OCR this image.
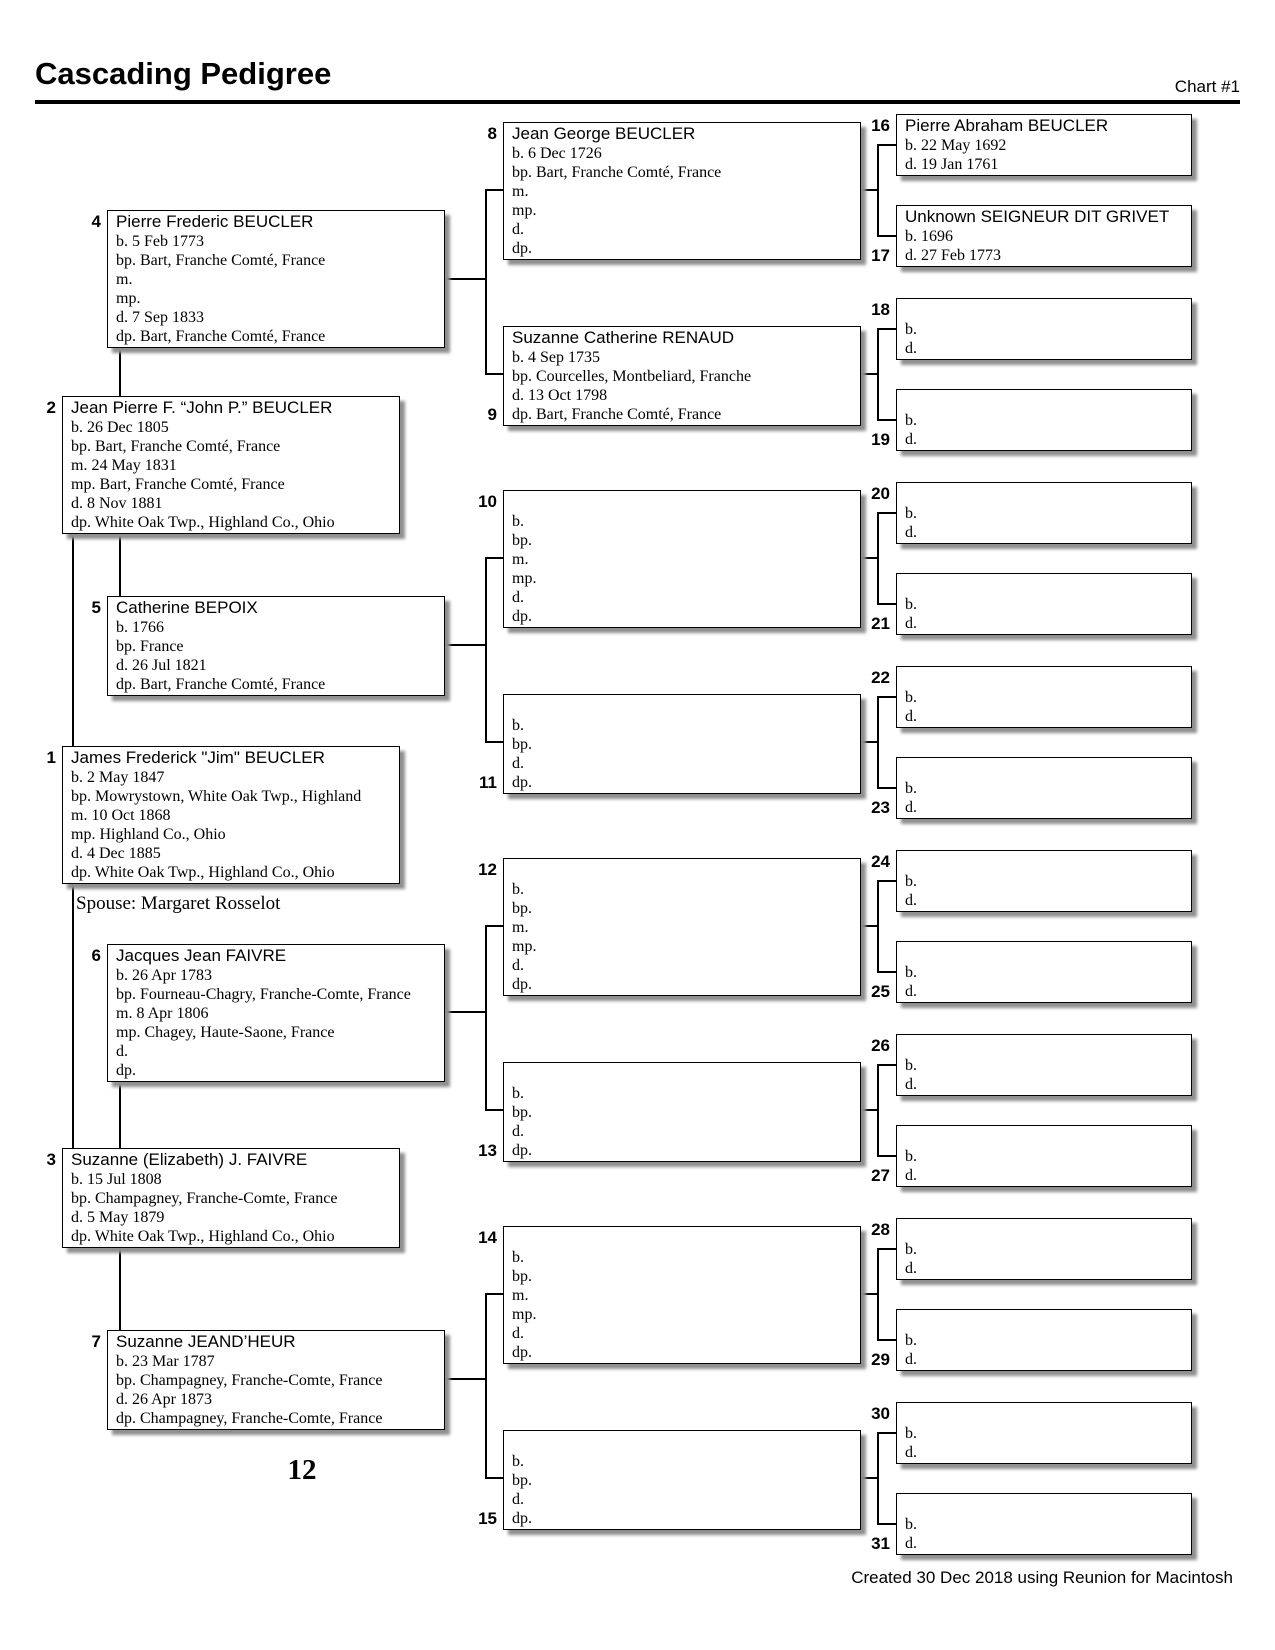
Cascading Pedigree	Chart #1
James Frederick "Jim" BEUCLER
b. 2 May 1847
bp. Mowrystown, White Oak Twp., Highland
m. 10 Oct 1868
mp. Highland Co., Ohio
d. 4 Dec 1885
dp. White Oak Twp., Highland Co., Ohio
1
Jean Pierre F. “John P.” BEUCLER
b. 26 Dec 1805
bp. Bart, Franche Comté, France
m. 24 May 1831
mp. Bart, Franche Comté, France
d. 8 Nov 1881
dp. White Oak Twp., Highland Co., Ohio
2
Suzanne (Elizabeth) J. FAIVRE
b. 15 Jul 1808
bp. Champagney, Franche-Comte, France
d. 5 May 1879
dp. White Oak Twp., Highland Co., Ohio
3
Pierre Frederic BEUCLER
b. 5 Feb 1773
bp. Bart, Franche Comté, France
m.
mp.
d. 7 Sep 1833
dp. Bart, Franche Comté, France
4
Catherine BEPOIX
b. 1766
bp. France
d. 26 Jul 1821
dp. Bart, Franche Comté, France
5
Jacques Jean FAIVRE
b. 26 Apr 1783
bp. Fourneau-Chagry, Franche-Comte, France
m. 8 Apr 1806
mp. Chagey, Haute-Saone, France
d.
dp.
6
Suzanne JEAND’HEUR
b. 23 Mar 1787
bp. Champagney, Franche-Comte, France
d. 26 Apr 1873
dp. Champagney, Franche-Comte, France
7
Jean George BEUCLER
b. 6 Dec 1726
bp. Bart, Franche Comté, France
m.
mp.
d.
dp.
8
Suzanne Catherine RENAUD
b. 4 Sep 1735
bp. Courcelles, Montbeliard, Franche
d. 13 Oct 1798
dp. Bart, Franche Comté, France
9
b.
bp.
m.
mp.
d.
dp.
10
b.
bp.
d.
dp.
11
b.
bp.
m.
mp.
d.
dp.
12
b.
bp.
d.
dp.
13
b.
bp.
m.
mp.
d.
dp.
14
b.
bp.
d.
dp.
15
Pierre Abraham BEUCLER
b. 22 May 1692
d. 19 Jan 1761
16
Unknown SEIGNEUR DIT GRIVET
b. 1696
d. 27 Feb 1773
17
b.
d.
18
b.
d.
19
b.
d.
20
b.
d.
21
b.
d.
22
b.
d.
23
b.
d.
24
b.
d.
25
b.
d.
26
b.
d.
27
b.
d.
28
b.
d.
29
b.
d.
30
b.
d.
31
Spouse: Margaret Rosselot
12
Created 30 Dec 2018 using Reunion for Macintosh
